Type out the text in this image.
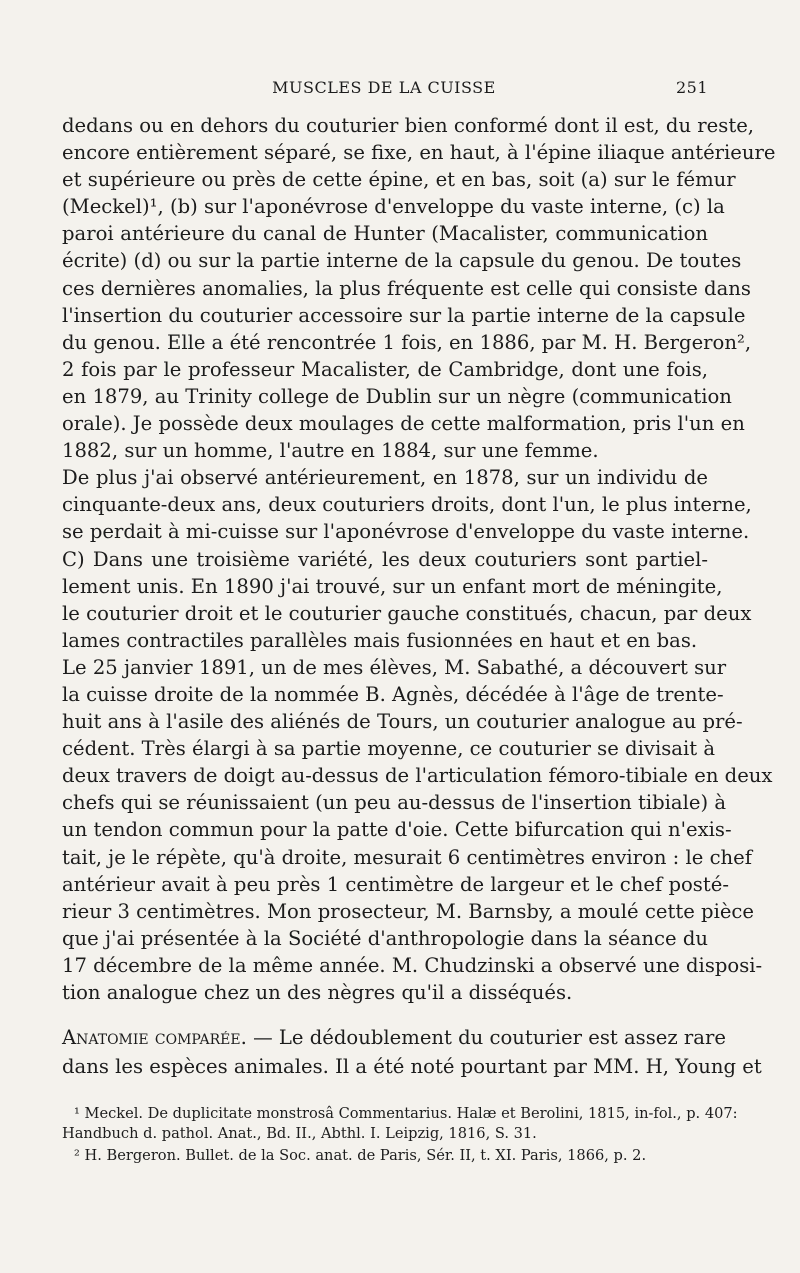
MUSCLES DE LA CUISSE	251
dedans ou en dehors du couturier bien conformé dont il est, du reste,
encore entièrement séparé, se fixe, en haut, à l'épine iliaque antérieure
et supérieure ou près de cette épine, et en bas, soit (a) sur le fémur
(Meckel)¹, (b) sur l'aponévrose d'enveloppe du vaste interne, (c) la
paroi antérieure du canal de Hunter (Macalister, communication
écrite) (d) ou sur la partie interne de la capsule du genou. De toutes
ces dernières anomalies, la plus fréquente est celle qui consiste dans
l'insertion du couturier accessoire sur la partie interne de la capsule
du genou. Elle a été rencontrée 1 fois, en 1886, par M. H. Bergeron²,
2 fois par le professeur Macalister, de Cambridge, dont une fois,
en 1879, au Trinity college de Dublin sur un nègre (communication
orale). Je possède deux moulages de cette malformation, pris l'un en
1882, sur un homme, l'autre en 1884, sur une femme.
De plus j'ai observé antérieurement, en 1878, sur un individu de
cinquante-deux ans, deux couturiers droits, dont l'un, le plus interne,
se perdait à mi-cuisse sur l'aponévrose d'enveloppe du vaste interne.
C) Dans une troisième variété, les deux couturiers sont partiel-
lement unis. En 1890 j'ai trouvé, sur un enfant mort de méningite,
le couturier droit et le couturier gauche constitués, chacun, par deux
lames contractiles parallèles mais fusionnées en haut et en bas.
Le 25 janvier 1891, un de mes élèves, M. Sabathé, a découvert sur
la cuisse droite de la nommée B. Agnès, décédée à l'âge de trente-
huit ans à l'asile des aliénés de Tours, un couturier analogue au pré-
cédent. Très élargi à sa partie moyenne, ce couturier se divisait à
deux travers de doigt au-dessus de l'articulation fémoro-tibiale en deux
chefs qui se réunissaient (un peu au-dessus de l'insertion tibiale) à
un tendon commun pour la patte d'oie. Cette bifurcation qui n'exis-
tait, je le répète, qu'à droite, mesurait 6 centimètres environ : le chef
antérieur avait à peu près 1 centimètre de largeur et le chef posté-
rieur 3 centimètres. Mon prosecteur, M. Barnsby, a moulé cette pièce
que j'ai présentée à la Société d'anthropologie dans la séance du
17 décembre de la même année. M. Chudzinski a observé une disposi-
tion analogue chez un des nègres qu'il a disséqués.
Anatomie comparée. — Le dédoublement du couturier est assez rare
dans les espèces animales. Il a été noté pourtant par MM. H, Young et

¹ Meckel. De duplicitate monstrosâ Commentarius. Halæ et Berolini, 1815, in-fol., p. 407:
Handbuch d. pathol. Anat., Bd. II., Abthl. I. Leipzig, 1816, S. 31.

² H. Bergeron. Bullet. de la Soc. anat. de Paris, Sér. II, t. XI. Paris, 1866, p. 2.
